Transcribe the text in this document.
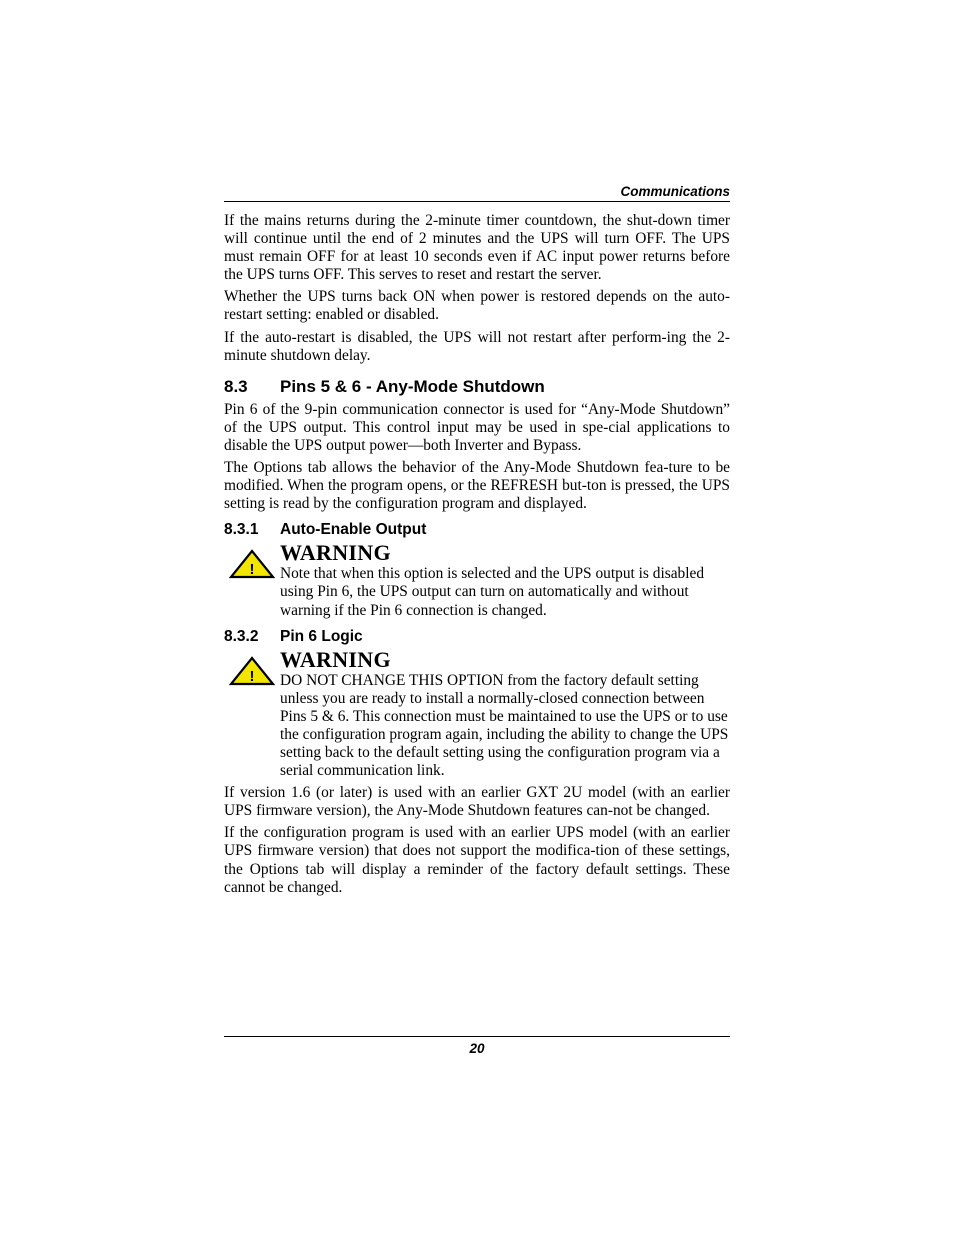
Communications

If the mains returns during the 2-minute timer countdown, the shut-down timer will continue until the end of 2 minutes and the UPS will turn OFF. The UPS must remain OFF for at least 10 seconds even if AC input power returns before the UPS turns OFF. This serves to reset and restart the server.

Whether the UPS turns back ON when power is restored depends on the auto-restart setting: enabled or disabled.

If the auto-restart is disabled, the UPS will not restart after perform-ing the 2-minute shutdown delay.

8.3 Pins 5 & 6 - Any-Mode Shutdown

Pin 6 of the 9-pin communication connector is used for “Any-Mode Shutdown” of the UPS output. This control input may be used in spe-cial applications to disable the UPS output power—both Inverter and Bypass.

The Options tab allows the behavior of the Any-Mode Shutdown fea-ture to be modified. When the program opens, or the REFRESH but-ton is pressed, the UPS setting is read by the configuration program and displayed.

8.3.1 Auto-Enable Output
!
WARNING

Note that when this option is selected and the UPS output is disabled using Pin 6, the UPS output can turn on automatically and without warning if the Pin 6 connection is changed.

8.3.2 Pin 6 Logic
!
WARNING

DO NOT CHANGE THIS OPTION from the factory default setting unless you are ready to install a normally-closed connection between Pins 5 & 6. This connection must be maintained to use the UPS or to use the configuration program again, including the ability to change the UPS setting back to the default setting using the configuration program via a serial communication link.

If version 1.6 (or later) is used with an earlier GXT 2U model (with an earlier UPS firmware version), the Any-Mode Shutdown features can-not be changed.

If the configuration program is used with an earlier UPS model (with an earlier UPS firmware version) that does not support the modifica-tion of these settings, the Options tab will display a reminder of the factory default settings. These cannot be changed.

20
